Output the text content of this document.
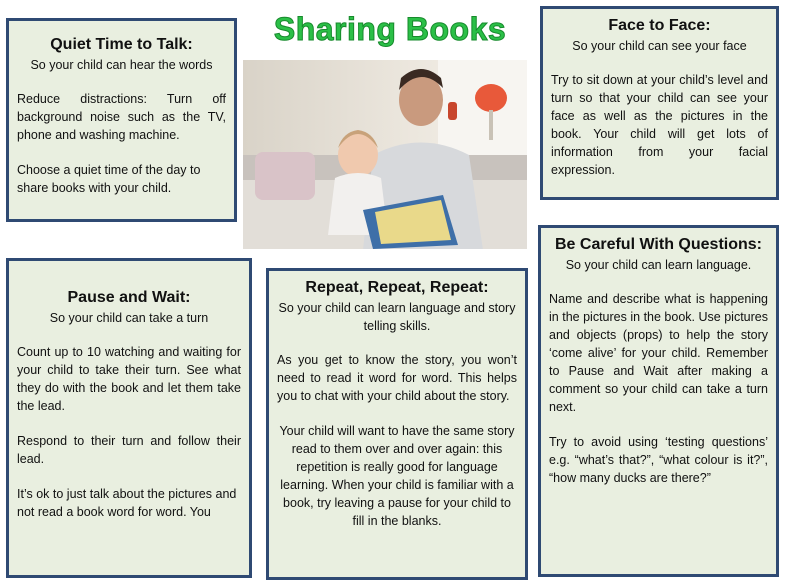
Sharing Books
Quiet Time to Talk:
So your child can hear the words

Reduce distractions: Turn off background noise such as the TV, phone and washing machine.

Choose a quiet time of the day to share books with your child.

Face to Face:
So your child can see your face

Try to sit down at your child’s level and turn so that your child can see your face as well as the pictures in the book. Your child will get lots of information from your facial expression.

Pause and Wait:
So your child can take a turn

Count up to 10 watching and waiting for your child to take their turn. See what they do with the book and let them take the lead.

Respond to their turn and follow their lead.

It’s ok to just talk about the pictures and not read a book word for word. You

Repeat, Repeat, Repeat:
So your child can learn language and story telling skills.

As you get to know the story, you won’t need to read it word for word. This helps you to chat with your child about the story.

Your child will want to have the same story read to them over and over again: this repetition is really good for language learning. When your child is familiar with a book, try leaving a pause for your child to fill in the blanks.

Be Careful With Questions:
So your child can learn language.

Name and describe what is happening in the pictures in the book. Use pictures and objects (props) to help the story ‘come alive’ for your child. Remember to Pause and Wait after making a comment so your child can take a turn next.

Try to avoid using ‘testing questions’ e.g. “what’s that?”, “what colour is it?”, “how many ducks are there?”
